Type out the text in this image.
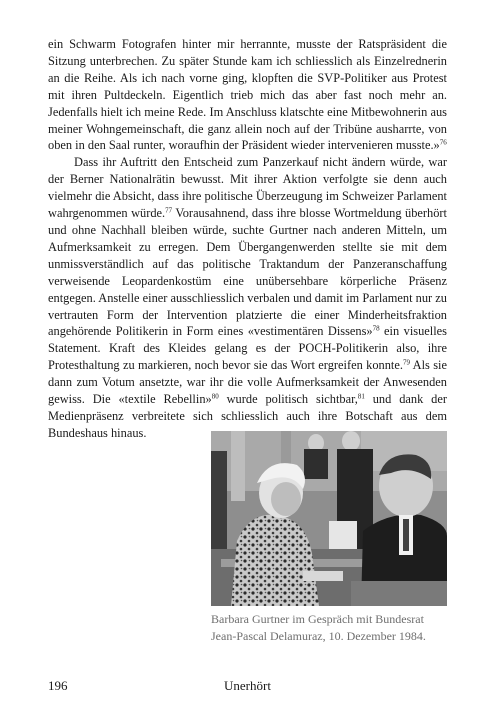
ein Schwarm Fotografen hinter mir herrannte, musste der Ratspräsident die Sitzung unterbrechen. Zu später Stunde kam ich schliesslich als Einzelrednerin an die Reihe. Als ich nach vorne ging, klopften die SVP-Politiker aus Protest mit ihren Pultdeckeln. Eigentlich trieb mich das aber fast noch mehr an. Jedenfalls hielt ich meine Rede. Im Anschluss klatschte eine Mitbewohnerin aus meiner Wohngemeinschaft, die ganz allein noch auf der Tribüne ausharrte, von oben in den Saal runter, woraufhin der Präsident wieder intervenieren musste.»$^{76}$

Dass ihr Auftritt den Entscheid zum Panzerkauf nicht ändern würde, war der Berner Nationalrätin bewusst. Mit ihrer Aktion verfolgte sie denn auch vielmehr die Absicht, dass ihre politische Überzeugung im Schweizer Parlament wahrgenommen würde.$^{77}$ Vorausahnend, dass ihre blosse Wortmeldung überhört und ohne Nachhall bleiben würde, suchte Gurtner nach anderen Mitteln, um Aufmerksamkeit zu erregen. Dem Übergangenwerden stellte sie mit dem unmissverständlich auf das politische Traktandum der Panzeranschaffung verweisende Leopardenkostüm eine unübersehbare körperliche Präsenz entgegen. Anstelle einer ausschliesslich verbalen und damit im Parlament nur zu vertrauten Form der Intervention platzierte die einer Minderheitsfraktion angehörende Politikerin in Form eines «vestimentären Dissens»$^{78}$ ein visuelles Statement. Kraft des Kleides gelang es der POCH-Politikerin also, ihre Protesthaltung zu markieren, noch bevor sie das Wort ergreifen konnte.$^{79}$ Als sie dann zum Votum ansetzte, war ihr die volle Aufmerksamkeit der Anwesenden gewiss. Die «textile Rebellin»$^{80}$ wurde politisch sichtbar,$^{81}$ und dank der Medienpräsenz verbreitete sich schliesslich auch ihre Botschaft aus dem Bundeshaus hinaus.

Barbara Gurtner im Gespräch mit Bundesrat Jean-Pascal Delamuraz, 10. Dezember 1984.

196	Unerhört
